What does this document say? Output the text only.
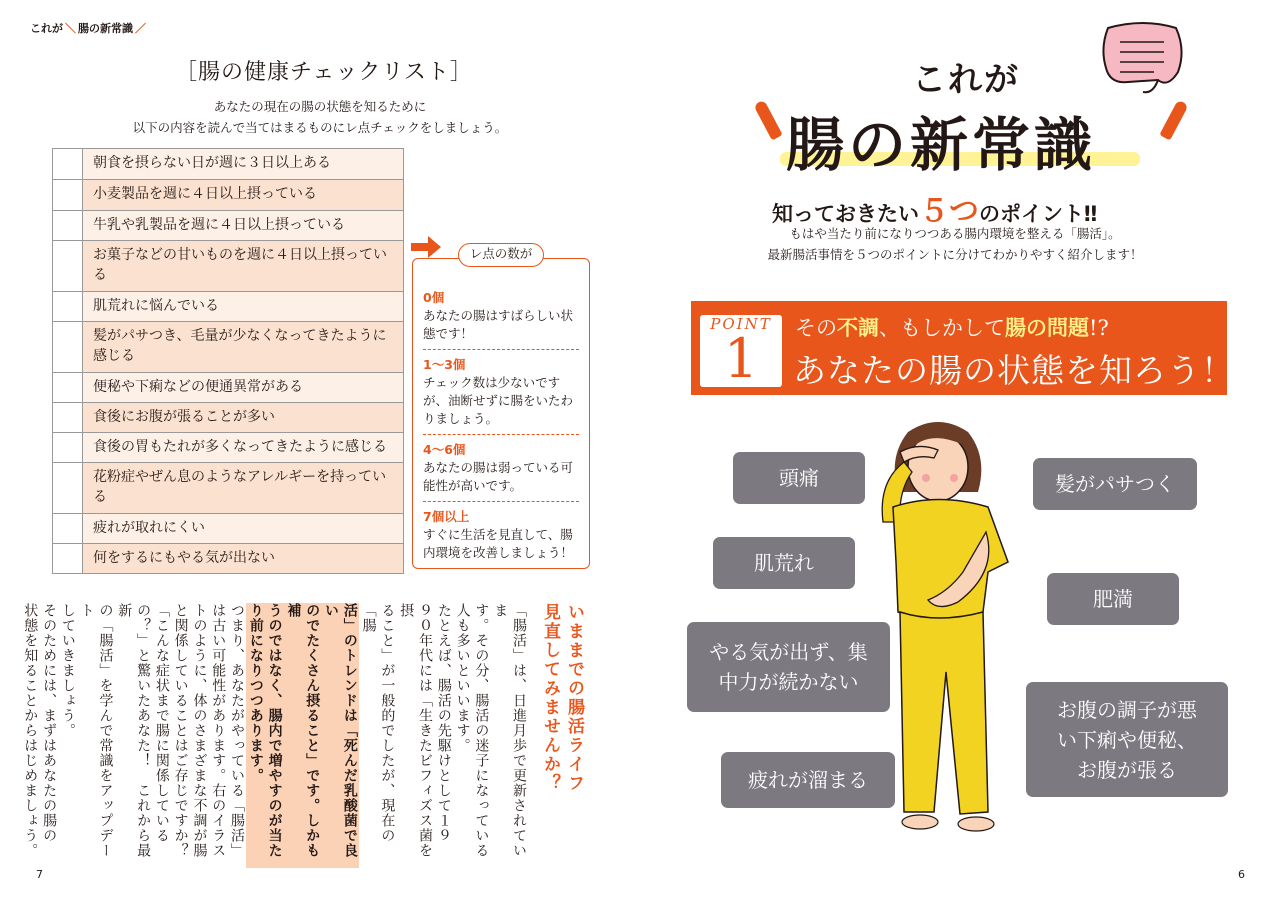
これが ＼ 腸の新常識 ／
［腸の健康チェックリスト］
あなたの現在の腸の状態を知るために
以下の内容を読んで当てはまるものにレ点チェックをしましょう。
朝食を摂らない日が週に３日以上ある
小麦製品を週に４日以上摂っている
牛乳や乳製品を週に４日以上摂っている
お菓子などの甘いものを週に４日以上摂っている
肌荒れに悩んでいる
髪がパサつき、毛量が少なくなってきたように感じる
便秘や下痢などの便通異常がある
食後にお腹が張ることが多い
食後の胃もたれが多くなってきたように感じる
花粉症やぜん息のようなアレルギーを持っている
疲れが取れにくい
何をするにもやる気が出ない
0個
あなたの腸はすばらしい状態です！
1～3個
チェック数は少ないですが、油断せずに腸をいたわりましょう。
4～6個
あなたの腸は弱っている可能性が高いです。
7個以上
すぐに生活を見直して、腸内環境を改善しましょう！
レ点の数が
いままでの腸活ライフ
見直してみませんか？
「腸活」は、日進月歩で更新されていま
す。その分、腸活の迷子になっている
人も多いといいます。
たとえば、腸活の先駆けとして１９
９０年代には「生きたビフィズス菌を摂
ること」が一般的でしたが、現在の「腸
活」のトレンドは「死んだ乳酸菌で良い
のでたくさん摂ること」です。しかも補
うのではなく、腸内で増やすのが当た
り前になりつつあります。
つまり、あなたがやっている「腸活」
は古い可能性があります。右のイラス
トのように、体のさまざまな不調が腸
と関係していることはご存じですか？
「こんな症状まで腸に関係している
の？」と驚いたあなた！　これから最新
の「腸活」を学んで常識をアップデート
していきましょう。
そのためには、まずはあなたの腸の
状態を知ることからはじめましょう。
7	6
これが
腸の新常識
知っておきたい５つのポイント‼
もはや当たり前になりつつある腸内環境を整える「腸活」。
最新腸活事情を５つのポイントに分けてわかりやすく紹介します！
POINT
1	その不調、もしかして腸の問題!?
あなたの腸の状態を知ろう！
頭痛	髪がパサつく
肌荒れ
肥満
やる気が出ず、集中力が続かない
お腹の調子が悪い下痢や便秘、お腹が張る
疲れが溜まる
